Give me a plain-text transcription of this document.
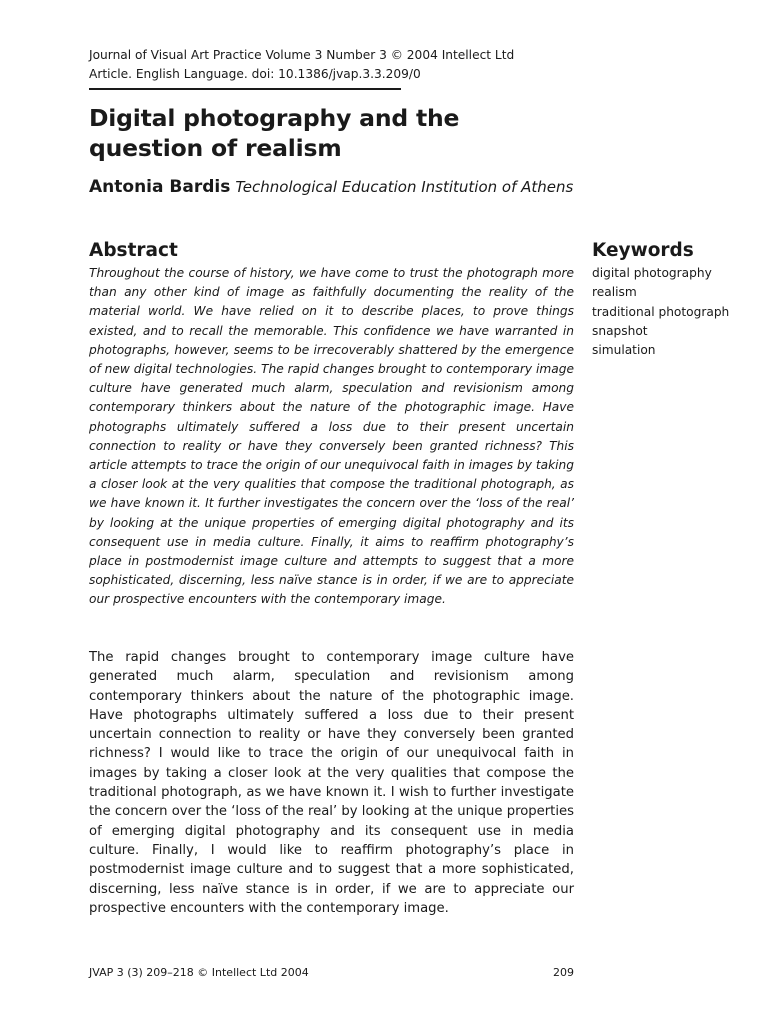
Journal of Visual Art Practice Volume 3 Number 3 © 2004 Intellect Ltd
Article. English Language. doi: 10.1386/jvap.3.3.209/0
Digital photography and the question of realism
Antonia Bardis Technological Education Institution of Athens
Abstract

Throughout the course of history, we have come to trust the photograph more than any other kind of image as faithfully documenting the reality of the material world. We have relied on it to describe places, to prove things existed, and to recall the memorable. This confidence we have warranted in photographs, however, seems to be irrecoverably shattered by the emergence of new digital technologies. The rapid changes brought to contemporary image culture have generated much alarm, speculation and revisionism among contemporary thinkers about the nature of the photographic image. Have photographs ultimately suffered a loss due to their present uncertain connection to reality or have they conversely been granted richness? This article attempts to trace the origin of our unequivocal faith in images by taking a closer look at the very qualities that compose the traditional photograph, as we have known it. It further investigates the concern over the ‘loss of the real’ by looking at the unique properties of emerging digital photography and its consequent use in media culture. Finally, it aims to reaffirm photography’s place in postmodernist image culture and attempts to suggest that a more sophisticated, discerning, less naïve stance is in order, if we are to appreciate our prospective encounters with the contemporary image.

Keywords
digital photography
realism
traditional photograph
snapshot
simulation

The rapid changes brought to contemporary image culture have generated much alarm, speculation and revisionism among contemporary thinkers about the nature of the photographic image. Have photographs ultimately suffered a loss due to their present uncertain connection to reality or have they conversely been granted richness? I would like to trace the origin of our unequivocal faith in images by taking a closer look at the very qualities that compose the traditional photograph, as we have known it. I wish to further investigate the concern over the ‘loss of the real’ by looking at the unique properties of emerging digital photography and its consequent use in media culture. Finally, I would like to reaffirm photography’s place in postmodernist image culture and to suggest that a more sophisticated, discerning, less naïve stance is in order, if we are to appreciate our prospective encounters with the contemporary image.

JVAP 3 (3) 209–218 © Intellect Ltd 2004	209
